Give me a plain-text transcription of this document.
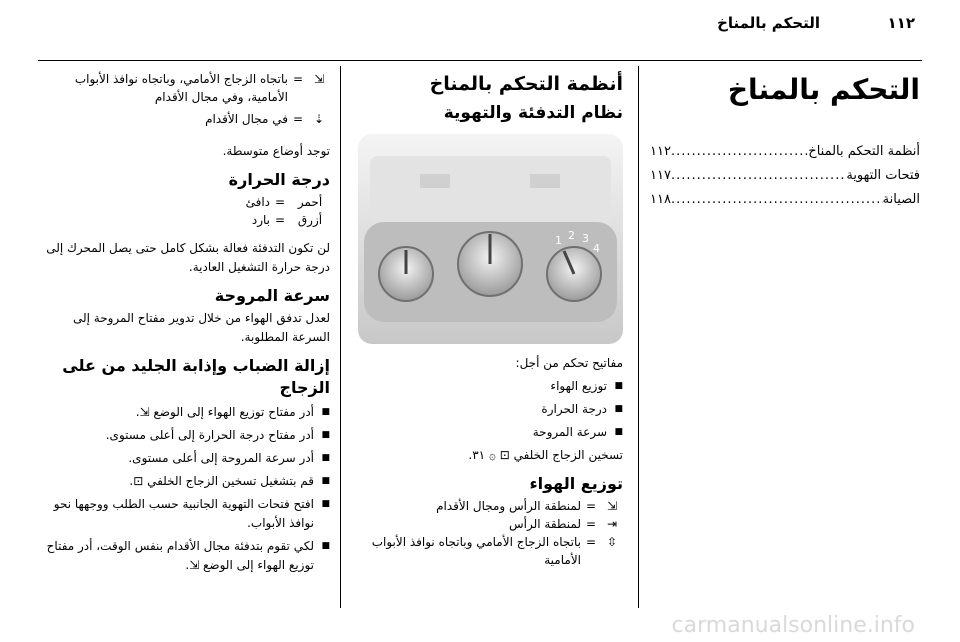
١١٢
التحكم بالمناخ
التحكم بالمناخ
أنظمة التحكم بالمناخ
.....
١١٢
فتحات التهوية
.....
١١٧
الصيانة
.....
١١٨
أنظمة التحكم بالمناخ
نظام التدفئة والتهوية
1 2 3
4

مفاتيح تحكم من أجل:

■ توزيع الهواء
■ درجة الحرارة
■ سرعة المروحة

تسخين الزجاج الخلفي ⊡ ۞ ٣١.

توزيع الهواء
⇲
=
لمنطقة الرأس ومجال الأقدام
⇥
=
لمنطقة الرأس
⇳
=
باتجاه الزجاج الأمامي وباتجاه نوافذ الأبواب الأمامية
⇲
=
باتجاه الزجاج الأمامي، وباتجاه نوافذ الأبواب الأمامية، وفي مجال الأقدام
⇣
=
في مجال الأقدام

توجد أوضاع متوسطة.

درجة الحرارة
أحمر
=
دافئ
أزرق
=
بارد

لن تكون التدفئة فعالة بشكل كامل حتى يصل المحرك إلى درجة حرارة التشغيل العادية.

سرعة المروحة

لعدل تدفق الهواء من خلال تدوير مفتاح المروحة إلى السرعة المطلوبة.

إزالة الضباب وإذابة الجليد من على الزجاج
■ أدر مفتاح توزيع الهواء إلى الوضع ⇲.
■ أدر مفتاح درجة الحرارة إلى أعلى مستوى.
■ أدر سرعة المروحة إلى أعلى مستوى.
■ قم بتشغيل تسخين الزجاج الخلفي ⊡.
■ افتح فتحات التهوية الجانبية حسب الطلب ووجهها نحو نوافذ الأبواب.
■ لكي تقوم بتدفئة مجال الأقدام بنفس الوقت، أدر مفتاح توزيع الهواء إلى الوضع ⇲.
carmanualsonline.info
